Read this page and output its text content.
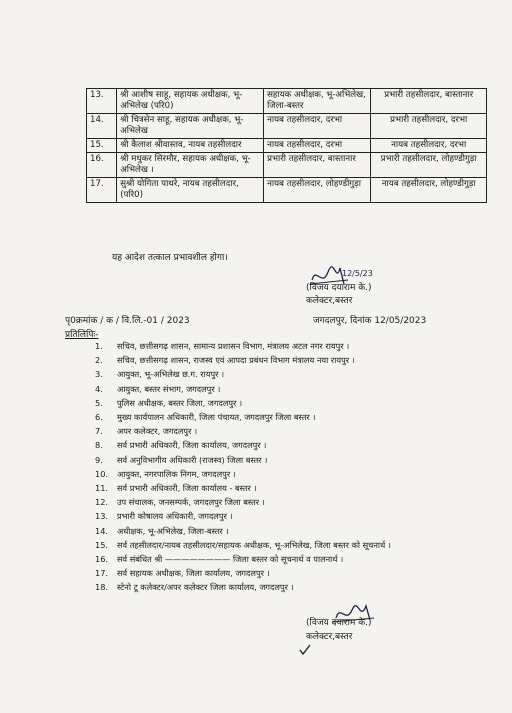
13.	श्री आशीष साहू, सहायक अधीक्षक, भू-अभिलेख (परि0)	सहायक अधीक्षक, भू-अभिलेख, जिला-बस्तर	प्रभारी तहसीलदार, बास्तानार
14.	श्री चित्रसेन साहू, सहायक अधीक्षक, भू-अभिलेख	नायब तहसीलदार, दरभा	प्रभारी तहसीलदार, दरभा
15.	श्री कैलाश श्रीवास्तव, नायब तहसीलदार	नायब तहसीलदार, दरभा	नायब तहसीलदार, दरभा
16.	श्री मधुकर सिरमौर, सहायक अधीक्षक, भू-अभिलेख ।	प्रभारी तहसीलदार, बास्तानार	प्रभारी तहसीलदार, लोहण्डीगुड़ा
17.	सुश्री योगिता पाथरे, नायब तहसीलदार, (परि0)	नायब तहसीलदार, लोहण्डीगुड़ा	नायब तहसीलदार, लोहण्डीगुड़ा
यह आदेश तत्काल प्रभावशील होगा।
12/5/23
(विजय दयाराम के.)
कलेक्टर,बस्तर
पृ0क्रमांक / क / वि.लि.-01 / 2023	जगदलपुर, दिनांक 12/05/2023
प्रतिलिपिः-
1. सचिव, छत्तीसगढ़ शासन, सामान्य प्रशासन विभाग, मंत्रालय अटल नगर रायपुर ।
2. सचिव, छत्तीसगढ़ शासन, राजस्व एवं आपदा प्रबंधन विभाग मंत्रालय नया रायपुर ।
3. आयुक्त, भू-अभिलेख छ.ग. रायपुर ।
4. आयुक्त, बस्तर संभाग, जगदलपुर ।
5. पुलिस अधीक्षक, बस्तर जिला, जगदलपुर ।
6. मुख्य कार्यपालन अधिकारी, जिला पंचायत, जगदलपुर जिला बस्तर ।
7. अपर कलेक्टर, जगदलपुर ।
8. सर्व प्रभारी अधिकारी, जिला कार्यालय, जगदलपुर ।
9. सर्व अनुविभागीय अधिकारी (राजस्व) जिला बस्तर ।
10. आयुक्त, नगरपालिक निगम, जगदलपुर ।
11. सर्व प्रभारी अधिकारी, जिला कार्यालय - बस्तर ।
12. उप संचालक, जनसम्पर्क, जगदलपुर जिला बस्तर ।
13. प्रभारी कोषालय अधिकारी, जगदलपुर ।
14. अधीक्षक, भू-अभिलेख, जिला-बस्तर ।
15. सर्व तहसीलदार/नायब तहसीलदार/सहायक अधीक्षक, भू-अभिलेख, जिला बस्तर को सूचनार्थ ।
16. सर्व संबंधित श्री ———————— जिला बस्तर को सूचनार्थ व पालनार्थ ।
17. सर्व सहायक अधीक्षक, जिला कार्यालय, जगदलपुर ।
18. स्टेनो टू कलेक्टर/अपर कलेक्टर जिला कार्यालय, जगदलपुर ।
(विजय दयाराम के.)
कलेक्टर,बस्तर
